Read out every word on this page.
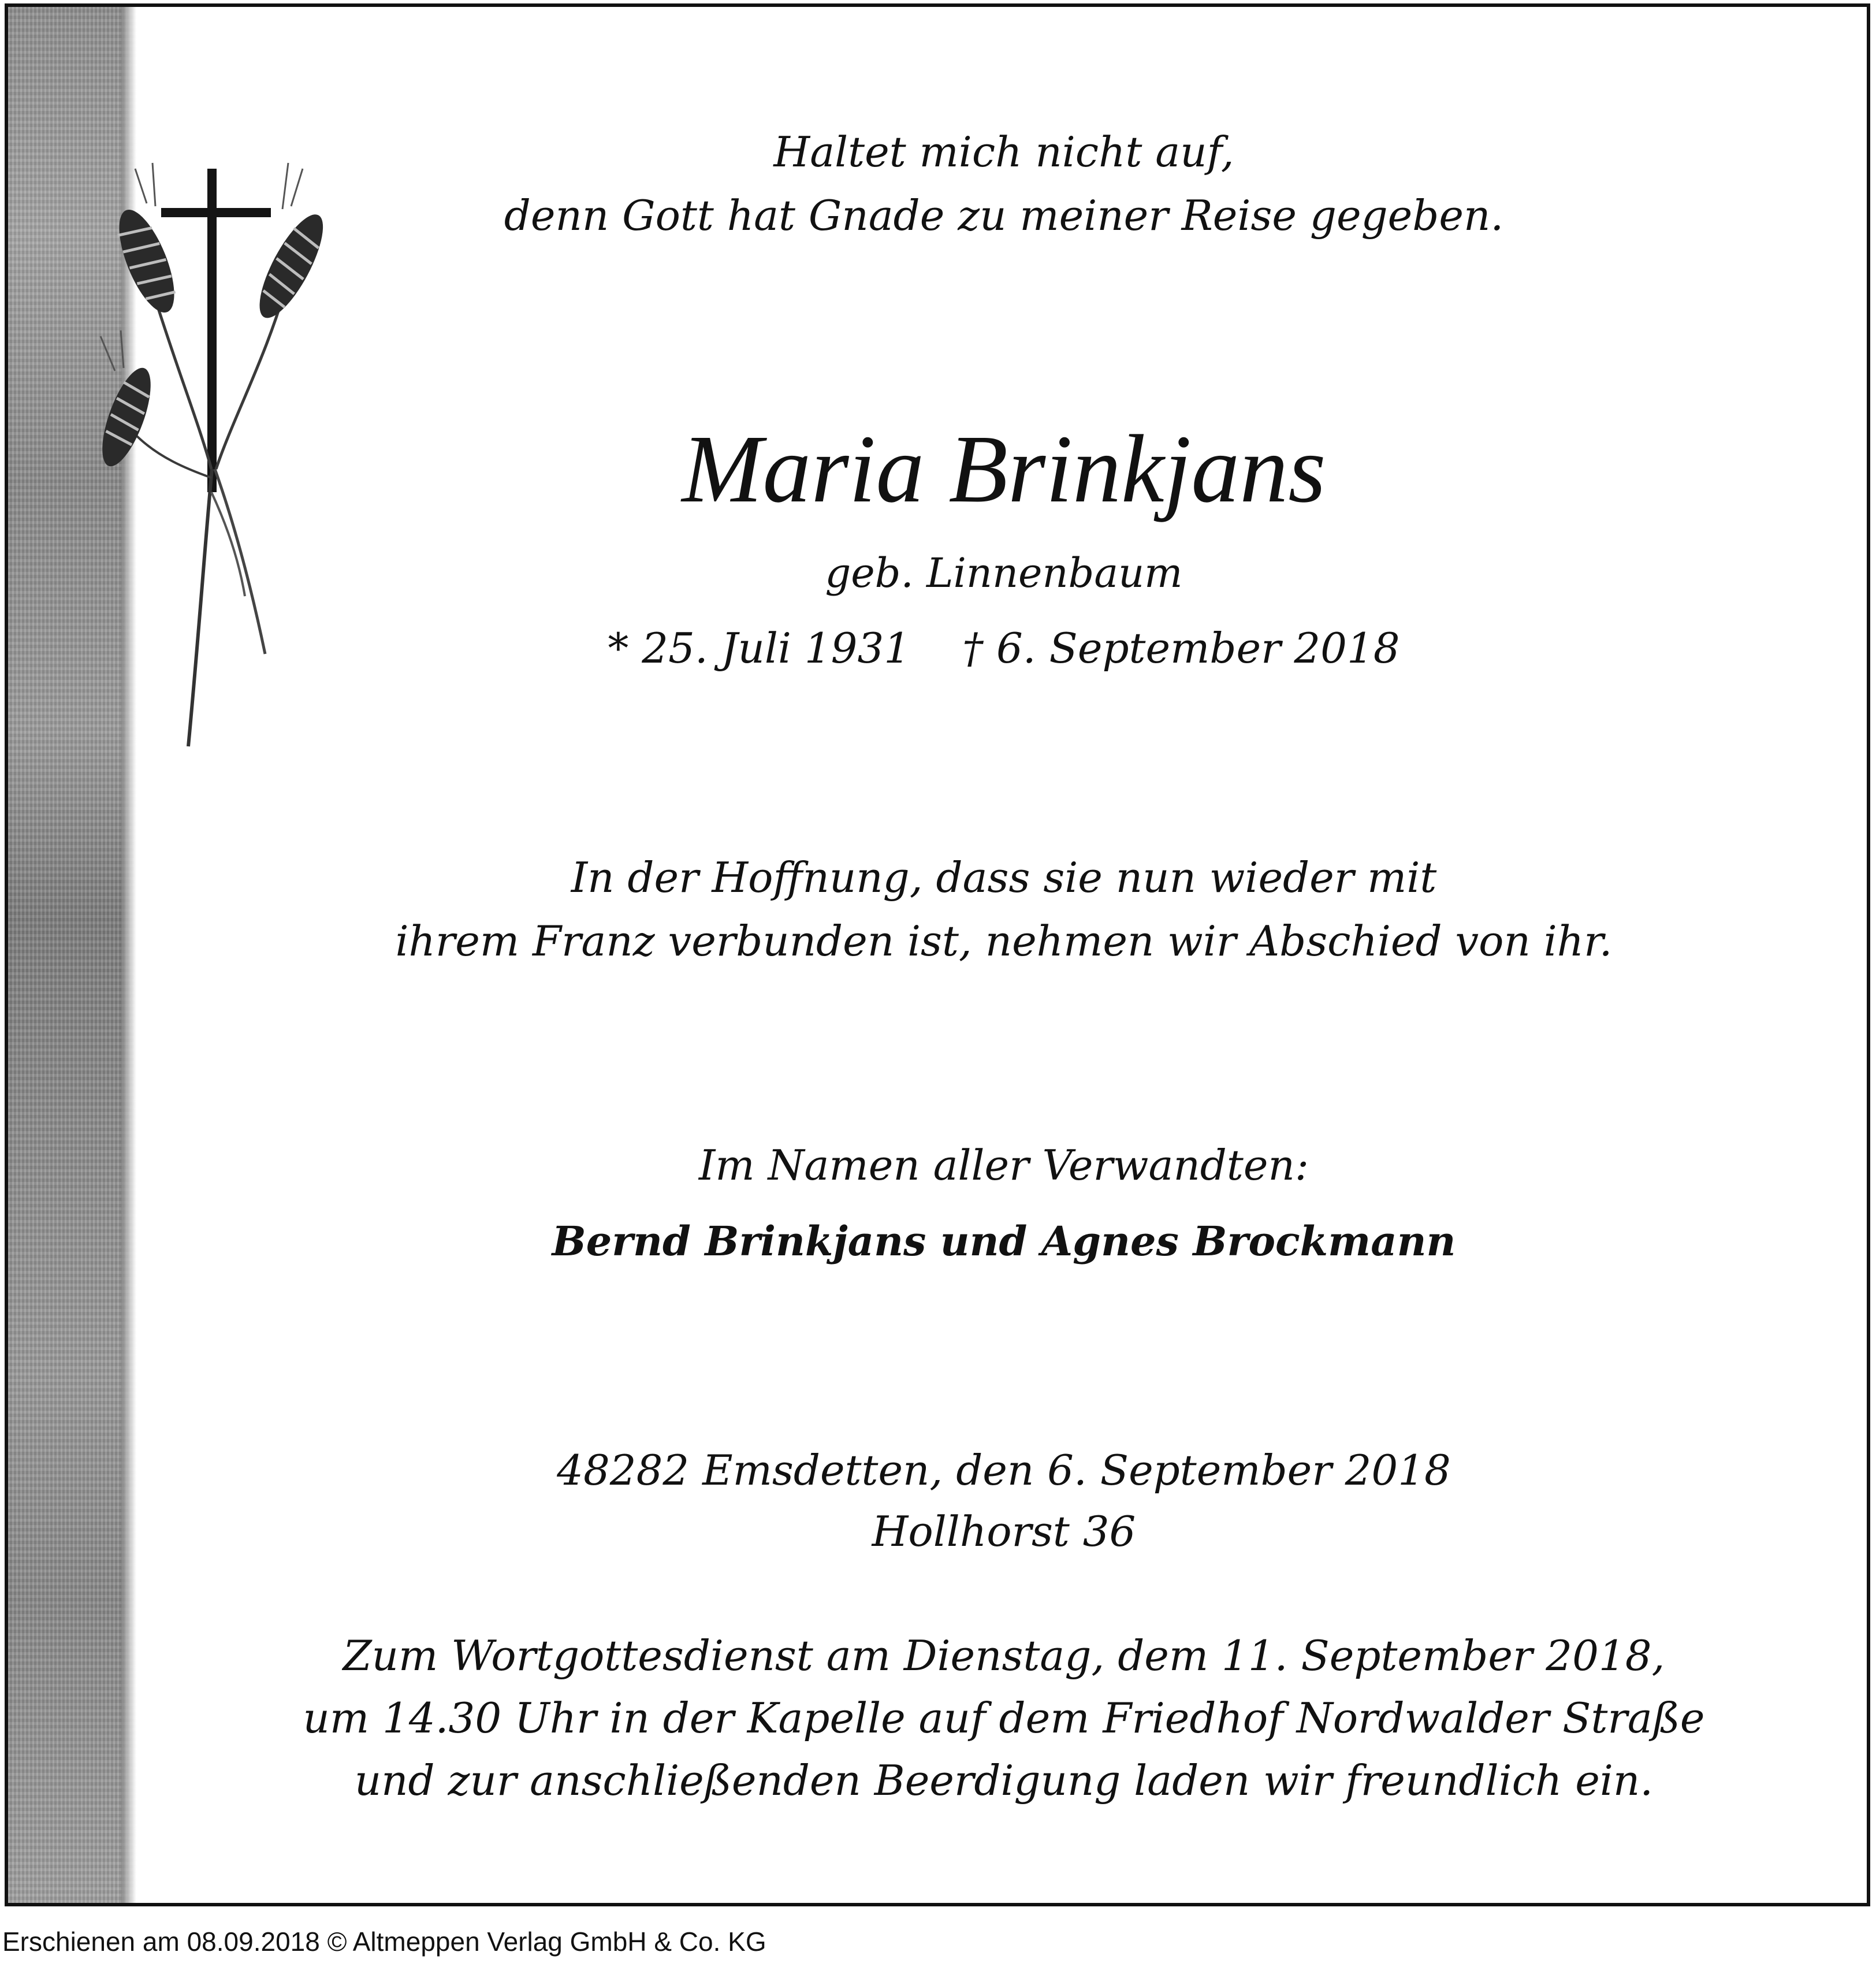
Haltet mich nicht auf,
denn Gott hat Gnade zu meiner Reise gegeben.
Maria Brinkjans
geb. Linnenbaum
* 25. Juli 1931 † 6. September 2018
In der Hoffnung, dass sie nun wieder mit
ihrem Franz verbunden ist, nehmen wir Abschied von ihr.
Im Namen aller Verwandten:
Bernd Brinkjans und Agnes Brockmann
48282 Emsdetten, den 6. September 2018
Hollhorst 36
Zum Wortgottesdienst am Dienstag, dem 11. September 2018,
um 14.30 Uhr in der Kapelle auf dem Friedhof Nordwalder Straße
und zur anschließenden Beerdigung laden wir freundlich ein.
Erschienen am 08.09.2018 © Altmeppen Verlag GmbH & Co. KG
